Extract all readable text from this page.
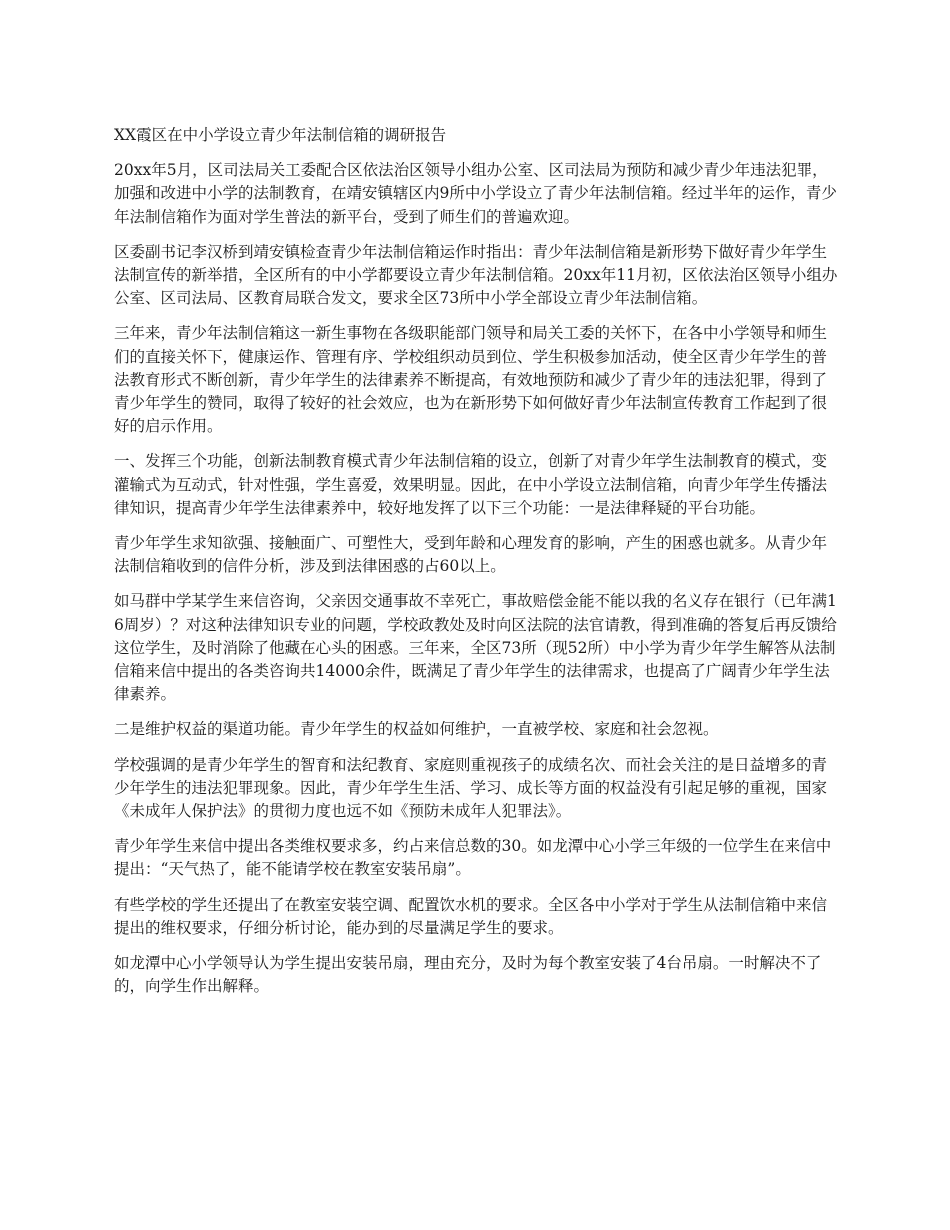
XX霞区在中小学设立青少年法制信箱的调研报告

20xx年5月，区司法局关工委配合区依法治区领导小组办公室、区司法局为预防和减少青少年违法犯罪，加强和改进中小学的法制教育，在靖安镇辖区内9所中小学设立了青少年法制信箱。经过半年的运作，青少年法制信箱作为面对学生普法的新平台，受到了师生们的普遍欢迎。

区委副书记李汉桥到靖安镇检查青少年法制信箱运作时指出：青少年法制信箱是新形势下做好青少年学生法制宣传的新举措，全区所有的中小学都要设立青少年法制信箱。20xx年11月初，区依法治区领导小组办公室、区司法局、区教育局联合发文，要求全区73所中小学全部设立青少年法制信箱。

三年来，青少年法制信箱这一新生事物在各级职能部门领导和局关工委的关怀下，在各中小学领导和师生们的直接关怀下，健康运作、管理有序、学校组织动员到位、学生积极参加活动，使全区青少年学生的普法教育形式不断创新，青少年学生的法律素养不断提高，有效地预防和减少了青少年的违法犯罪，得到了青少年学生的赞同，取得了较好的社会效应，也为在新形势下如何做好青少年法制宣传教育工作起到了很好的启示作用。

一、发挥三个功能，创新法制教育模式青少年法制信箱的设立，创新了对青少年学生法制教育的模式，变灌输式为互动式，针对性强，学生喜爱，效果明显。因此，在中小学设立法制信箱，向青少年学生传播法律知识，提高青少年学生法律素养中，较好地发挥了以下三个功能：一是法律释疑的平台功能。

青少年学生求知欲强、接触面广、可塑性大，受到年龄和心理发育的影响，产生的困惑也就多。从青少年法制信箱收到的信件分析，涉及到法律困惑的占60以上。

如马群中学某学生来信咨询，父亲因交通事故不幸死亡，事故赔偿金能不能以我的名义存在银行（已年满16周岁）？对这种法律知识专业的问题，学校政教处及时向区法院的法官请教，得到准确的答复后再反馈给这位学生，及时消除了他藏在心头的困惑。三年来，全区73所（现52所）中小学为青少年学生解答从法制信箱来信中提出的各类咨询共14000余件，既满足了青少年学生的法律需求，也提高了广阔青少年学生法律素养。

二是维护权益的渠道功能。青少年学生的权益如何维护，一直被学校、家庭和社会忽视。

学校强调的是青少年学生的智育和法纪教育、家庭则重视孩子的成绩名次、而社会关注的是日益增多的青少年学生的违法犯罪现象。因此，青少年学生生活、学习、成长等方面的权益没有引起足够的重视，国家《未成年人保护法》的贯彻力度也远不如《预防未成年人犯罪法》。

青少年学生来信中提出各类维权要求多，约占来信总数的30。如龙潭中心小学三年级的一位学生在来信中提出：“天气热了，能不能请学校在教室安装吊扇”。

有些学校的学生还提出了在教室安装空调、配置饮水机的要求。全区各中小学对于学生从法制信箱中来信提出的维权要求，仔细分析讨论，能办到的尽量满足学生的要求。

如龙潭中心小学领导认为学生提出安装吊扇，理由充分，及时为每个教室安装了4台吊扇。一时解决不了的，向学生作出解释。
